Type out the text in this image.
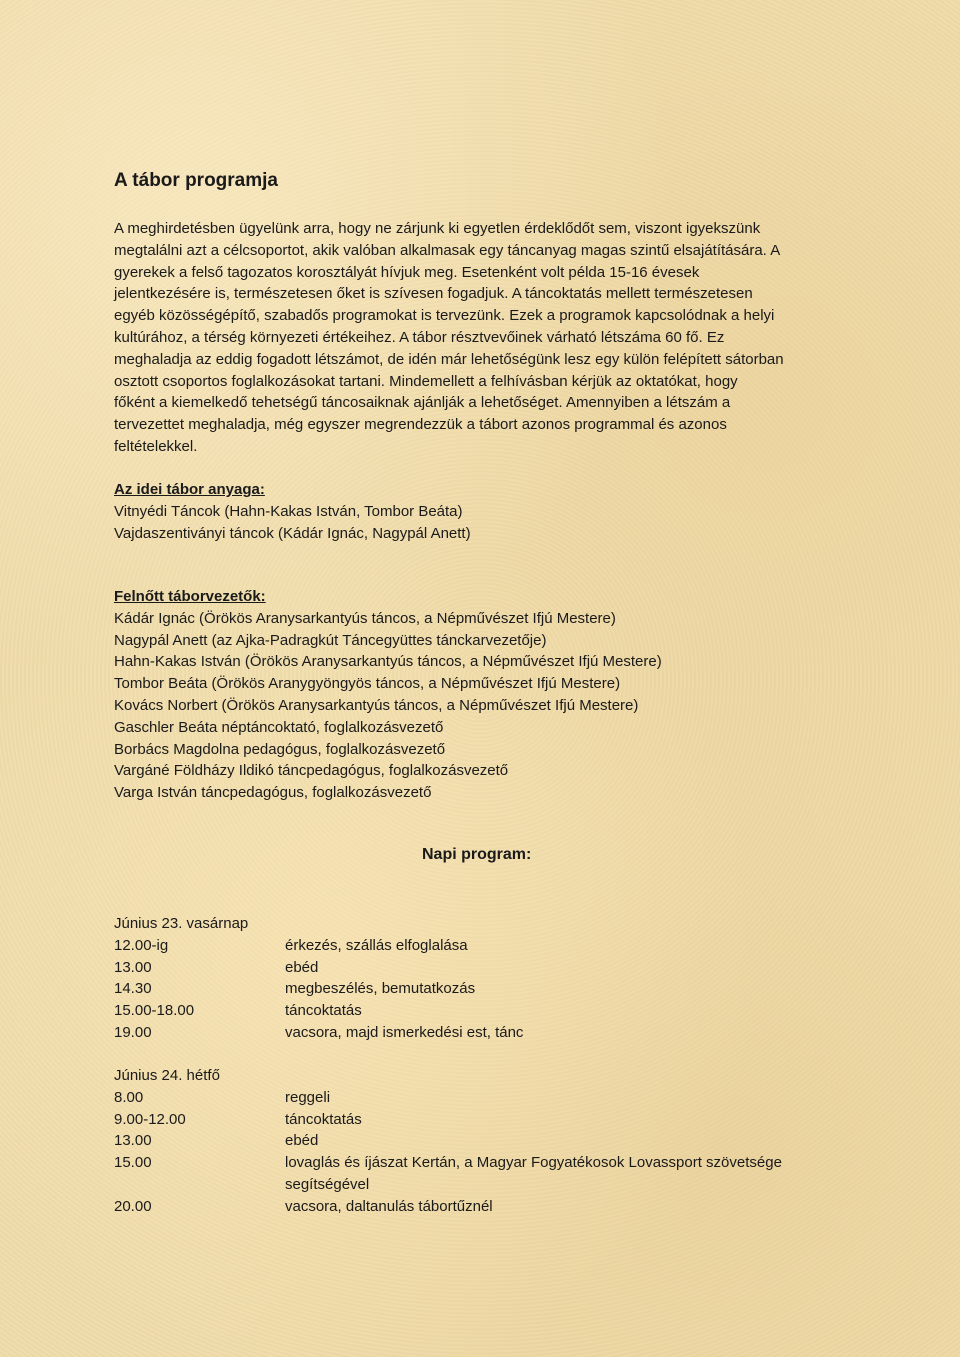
A tábor programja
A meghirdetésben ügyelünk arra, hogy ne zárjunk ki egyetlen érdeklődőt sem, viszont igyekszünk
megtalálni azt a célcsoportot, akik valóban alkalmasak egy táncanyag magas szintű elsajátítására. A
gyerekek a felső tagozatos korosztályát hívjuk meg. Esetenként volt példa 15-16 évesek
jelentkezésére is, természetesen őket is szívesen fogadjuk. A táncoktatás mellett természetesen
egyéb közösségépítő, szabadős programokat is tervezünk. Ezek a programok kapcsolódnak a helyi
kultúrához, a térség környezeti értékeihez. A tábor résztvevőinek várható létszáma 60 fő. Ez
meghaladja az eddig fogadott létszámot, de idén már lehetőségünk lesz egy külön felépített sátorban
osztott csoportos foglalkozásokat tartani. Mindemellett a felhívásban kérjük az oktatókat, hogy
főként a kiemelkedő tehetségű táncosaiknak ajánlják a lehetőséget. Amennyiben a létszám a
tervezettet meghaladja, még egyszer megrendezzük a tábort azonos programmal és azonos
feltételekkel.
Az idei tábor anyaga:
Vitnyédi Táncok (Hahn-Kakas István, Tombor Beáta)
Vajdaszentiványi táncok (Kádár Ignác, Nagypál Anett)
Felnőtt táborvezetők:
Kádár Ignác (Örökös Aranysarkantyús táncos, a Népművészet Ifjú Mestere)
Nagypál Anett (az Ajka-Padragkút Táncegyüttes tánckarvezetője)
Hahn-Kakas István (Örökös Aranysarkantyús táncos, a Népművészet Ifjú Mestere)
Tombor Beáta (Örökös Aranygyöngyös táncos, a Népművészet Ifjú Mestere)
Kovács Norbert (Örökös Aranysarkantyús táncos, a Népművészet Ifjú Mestere)
Gaschler Beáta néptáncoktató, foglalkozásvezető
Borbács Magdolna pedagógus, foglalkozásvezető
Vargáné Földházy Ildikó táncpedagógus, foglalkozásvezető
Varga István táncpedagógus, foglalkozásvezető
Napi program:
Június 23. vasárnap
12.00-ig	érkezés, szállás elfoglalása
13.00	ebéd
14.30	megbeszélés, bemutatkozás
15.00-18.00	táncoktatás
19.00	vacsora, majd ismerkedési est, tánc
Június 24. hétfő
8.00	reggeli
9.00-12.00	táncoktatás
13.00	ebéd
15.00	lovaglás és íjászat Kertán, a Magyar Fogyatékosok Lovassport szövetsége segítségével
20.00	vacsora, daltanulás tábortűznél
